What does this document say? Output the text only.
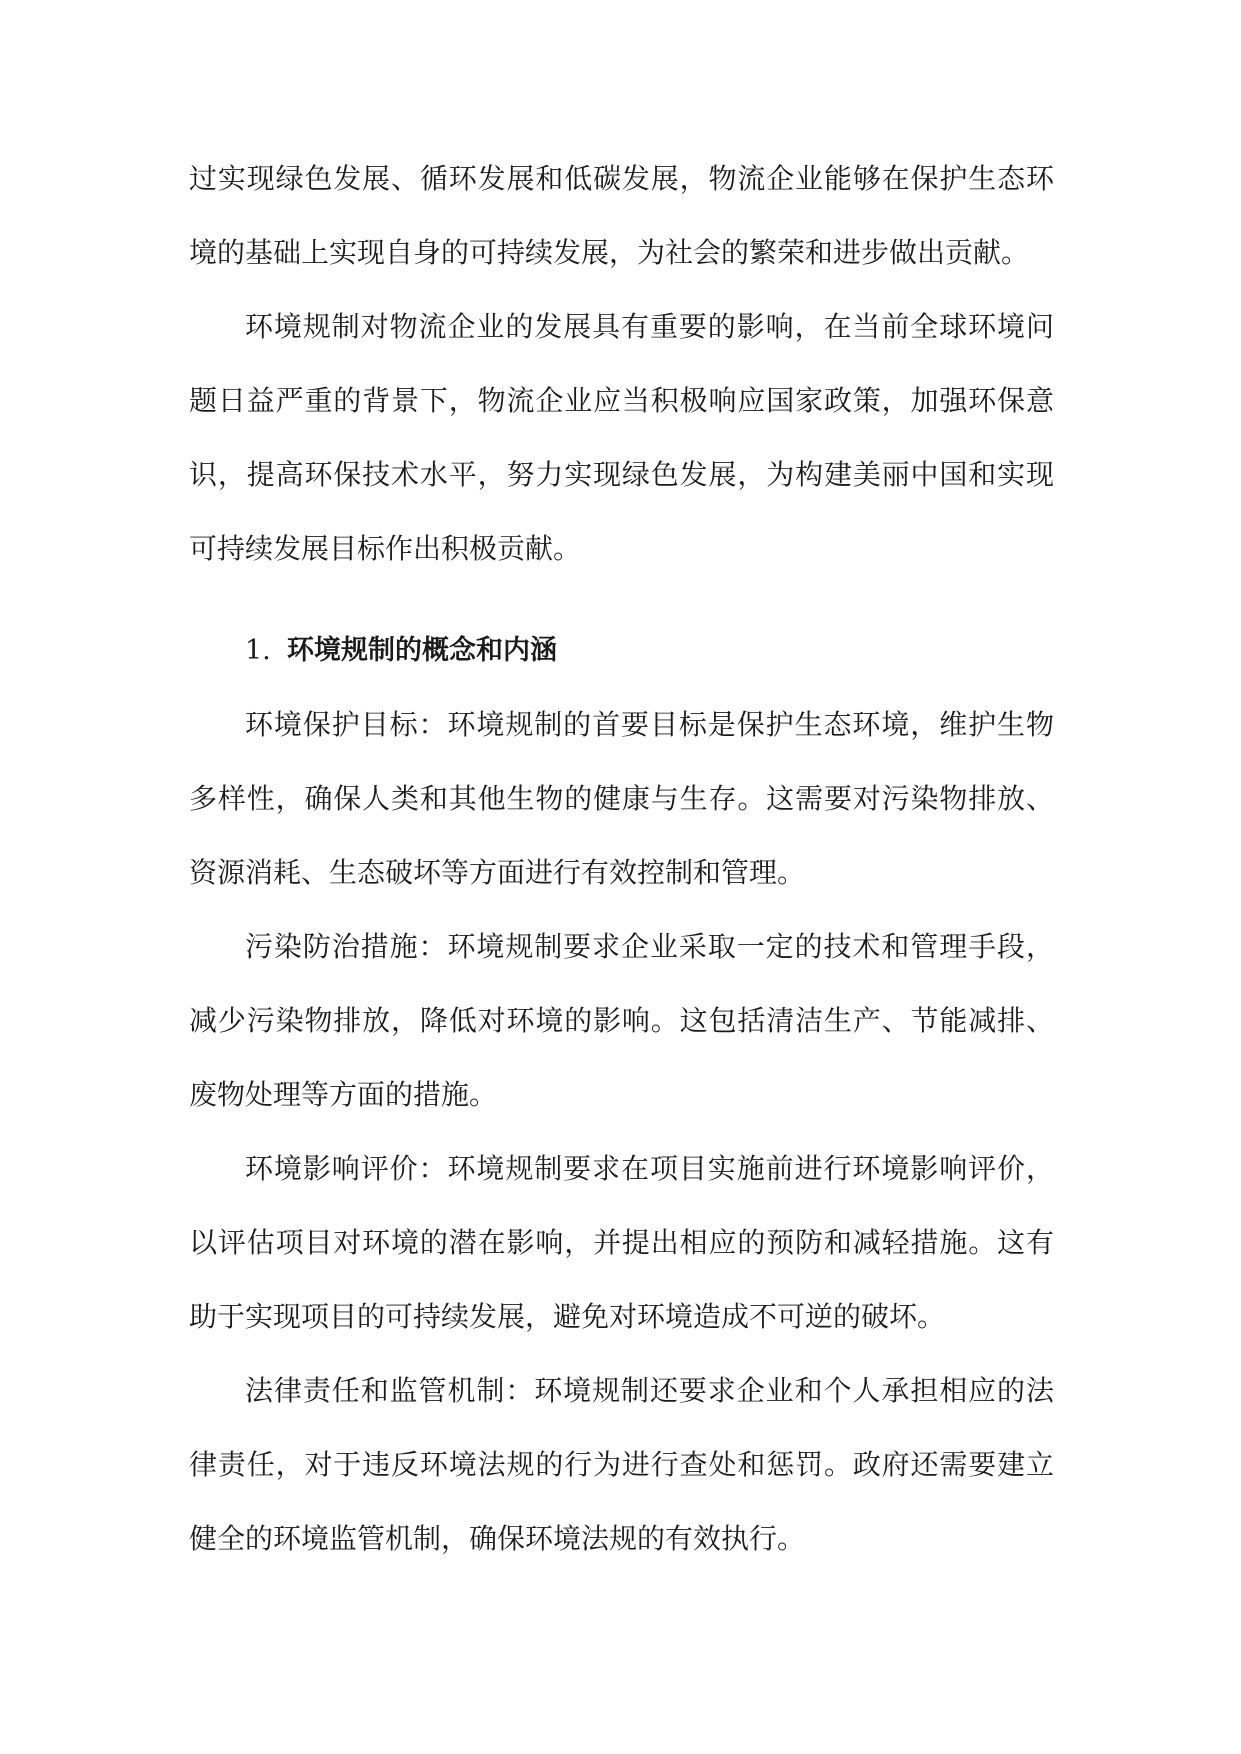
过实现绿色发展、循环发展和低碳发展，物流企业能够在保护生态环境的基础上实现自身的可持续发展，为社会的繁荣和进步做出贡献。

环境规制对物流企业的发展具有重要的影响，在当前全球环境问题日益严重的背景下，物流企业应当积极响应国家政策，加强环保意识，提高环保技术水平，努力实现绿色发展，为构建美丽中国和实现可持续发展目标作出积极贡献。

1. 环境规制的概念和内涵

环境保护目标：环境规制的首要目标是保护生态环境，维护生物多样性，确保人类和其他生物的健康与生存。这需要对污染物排放、资源消耗、生态破坏等方面进行有效控制和管理。

污染防治措施：环境规制要求企业采取一定的技术和管理手段，减少污染物排放，降低对环境的影响。这包括清洁生产、节能减排、废物处理等方面的措施。

环境影响评价：环境规制要求在项目实施前进行环境影响评价，以评估项目对环境的潜在影响，并提出相应的预防和减轻措施。这有助于实现项目的可持续发展，避免对环境造成不可逆的破坏。

法律责任和监管机制：环境规制还要求企业和个人承担相应的法律责任，对于违反环境法规的行为进行查处和惩罚。政府还需要建立健全的环境监管机制，确保环境法规的有效执行。
